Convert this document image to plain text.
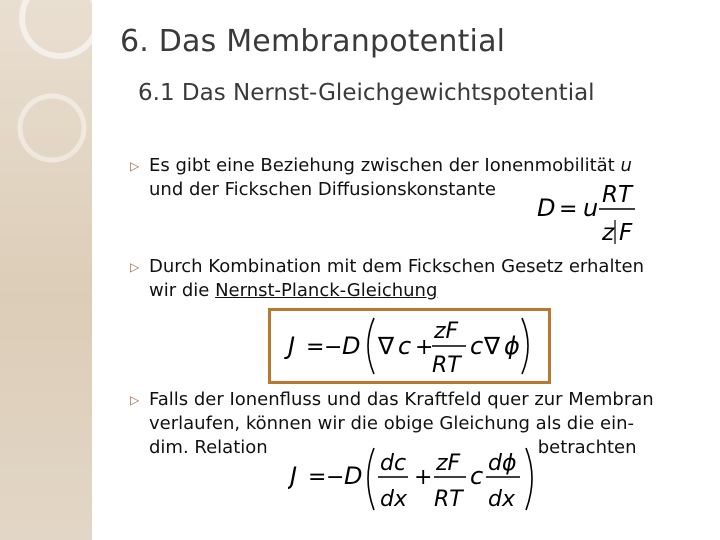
6. Das Membranpotential
6.1 Das Nernst-Gleichgewichtspotential
▷ Es gibt eine Beziehung zwischen der Ionenmobilität u
und der Fickschen Diffusionskonstante
D = u RT
z F
▷ Durch Kombination mit dem Fickschen Gesetz erhalten
wir die Nernst-Planck-Gleichung
J = − D ∇ c +
zF
RT
c ∇ ϕ
▷ Falls der Ionenfluss und das Kraftfeld quer zur Membran
verlaufen, können wir die obige Gleichung als die ein-
dim. Relation	betrachten
J = − D dc
dx
+
zF
RT
c dϕ
dx
